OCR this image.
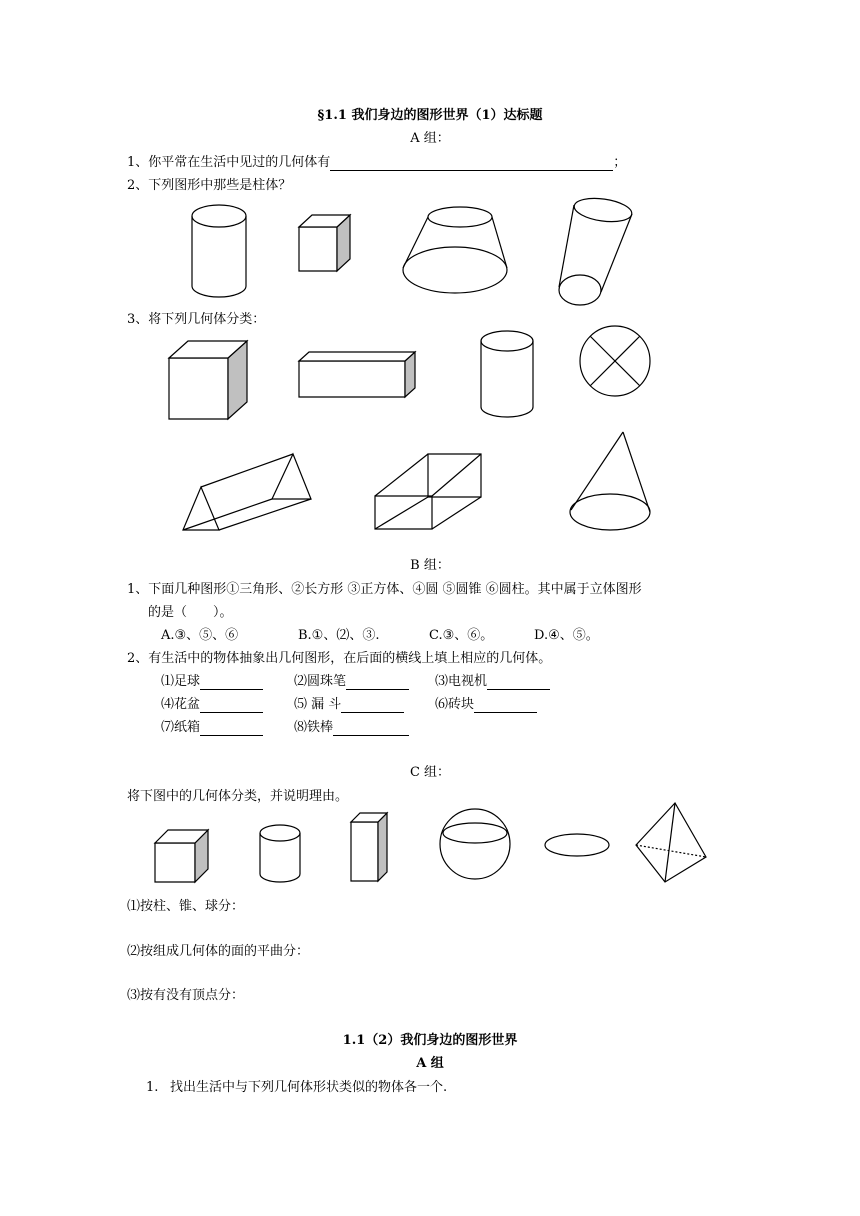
§1.1 我们身边的图形世界（1）达标题
A 组：
1、你平常在生活中见过的几何体有	；
2、下列图形中那些是柱体？
3、将下列几何体分类：
B 组：
1、下面几种图形①三角形、②长方形 ③正方体、④圆 ⑤圆锥 ⑥圆柱。其中属于立体图形
的是（　　）。
A.③、⑤、⑥	B.①、⑵、③.	C.③、⑥。	D.④、⑤。
2、有生活中的物体抽象出几何图形，在后面的横线上填上相应的几何体。
⑴足球	⑵圆珠笔	⑶电视机
⑷花盆	⑸ 漏 斗	⑹砖块
⑺纸箱	⑻铁棒
C 组：
将下图中的几何体分类，并说明理由。
⑴按柱、锥、球分：
⑵按组成几何体的面的平曲分：
⑶按有没有顶点分：
1.1（2）我们身边的图形世界
A 组
1. 找出生活中与下列几何体形状类似的物体各一个.
